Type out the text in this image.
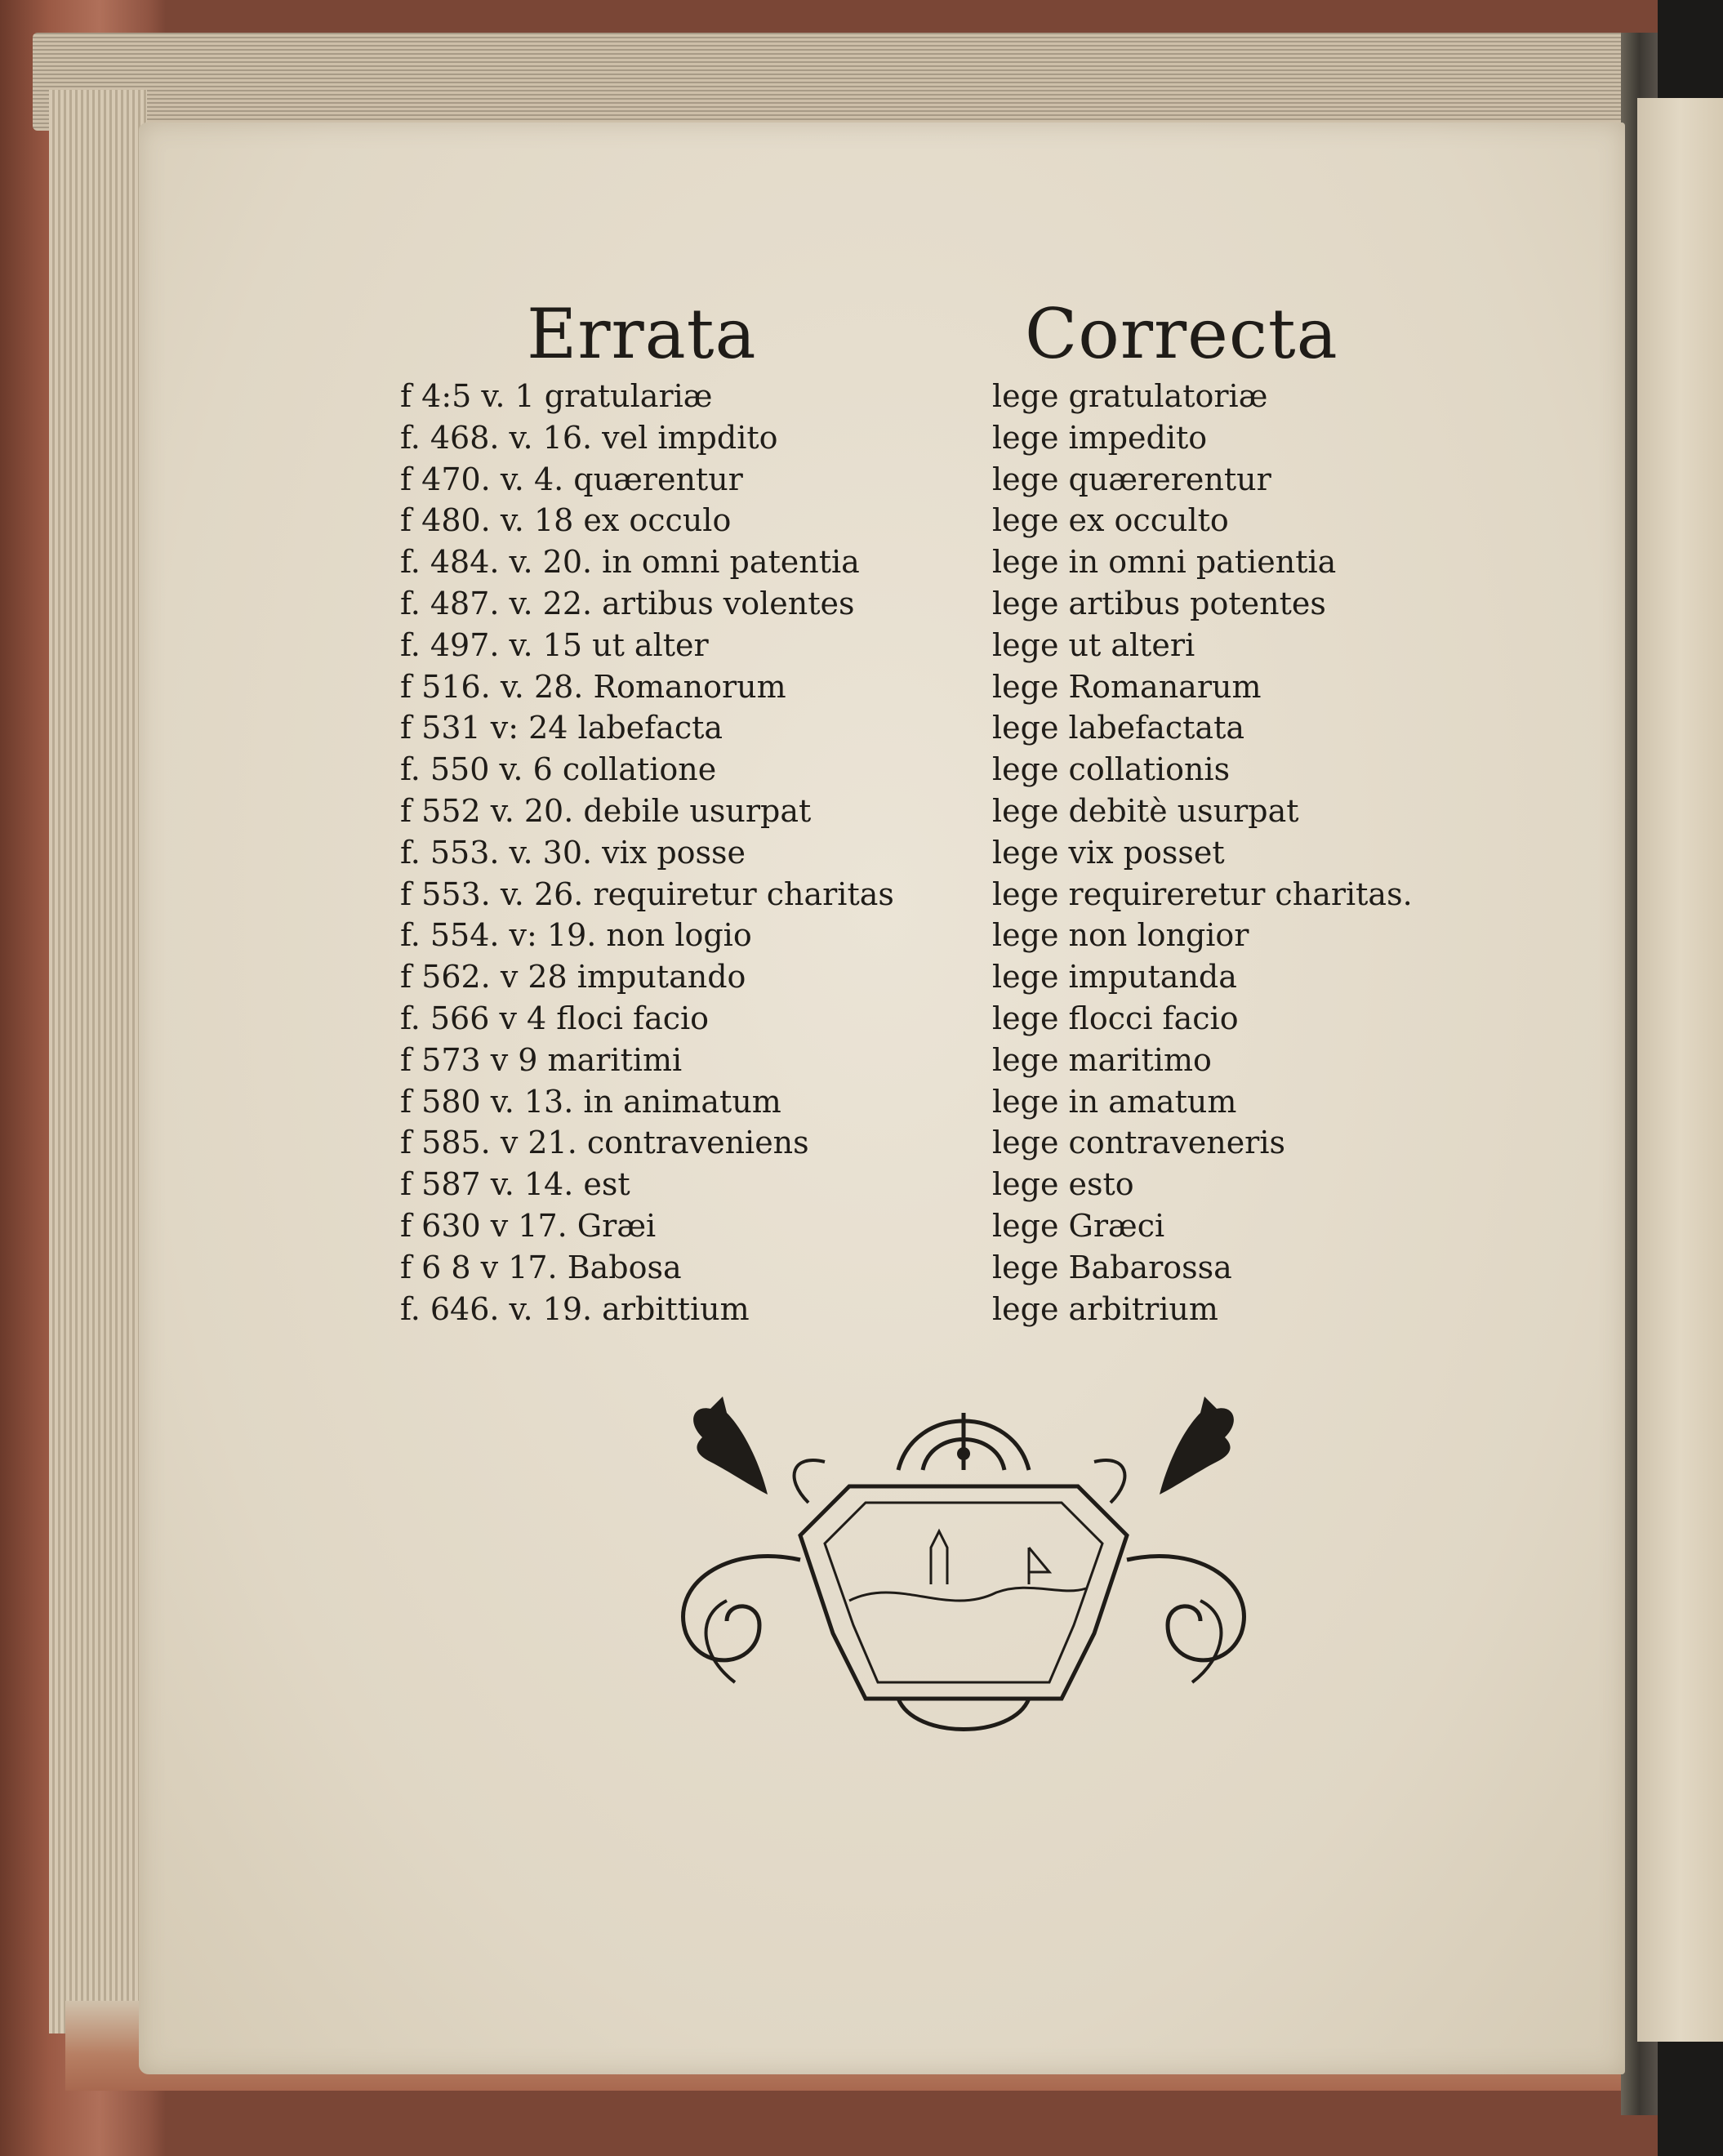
Errata	Correcta
f 4:5 v. 1 gratulariæ
f. 468. v. 16. vel impdito
f 470. v. 4. quærentur
f 480. v. 18 ex occulo
f. 484. v. 20. in omni patentia
f. 487. v. 22. artibus volentes
f. 497. v. 15 ut alter
f 516. v. 28. Romanorum
f 531 v: 24 labefacta
f. 550 v. 6 collatione
f 552 v. 20. debile usurpat
f. 553. v. 30. vix posse
f 553. v. 26. requiretur charitas
f. 554. v: 19. non logio
f 562. v 28 imputando
f. 566 v 4 floci facio
f 573 v 9 maritimi
f 580 v. 13. in animatum
f 585. v 21. contraveniens
f 587 v. 14. est
f 630 v 17. Græi
f 6 8 v 17. Babosa
f. 646. v. 19. arbittium
lege gratulatoriæ
lege impedito
lege quærerentur
lege ex occulto
lege in omni patientia
lege artibus potentes
lege ut alteri
lege Romanarum
lege labefactata
lege collationis
lege debitè usurpat
lege vix posset
lege requireretur charitas.
lege non longior
lege imputanda
lege flocci facio
lege maritimo
lege in amatum
lege contraveneris
lege esto
lege Græci
lege Babarossa
lege arbitrium
